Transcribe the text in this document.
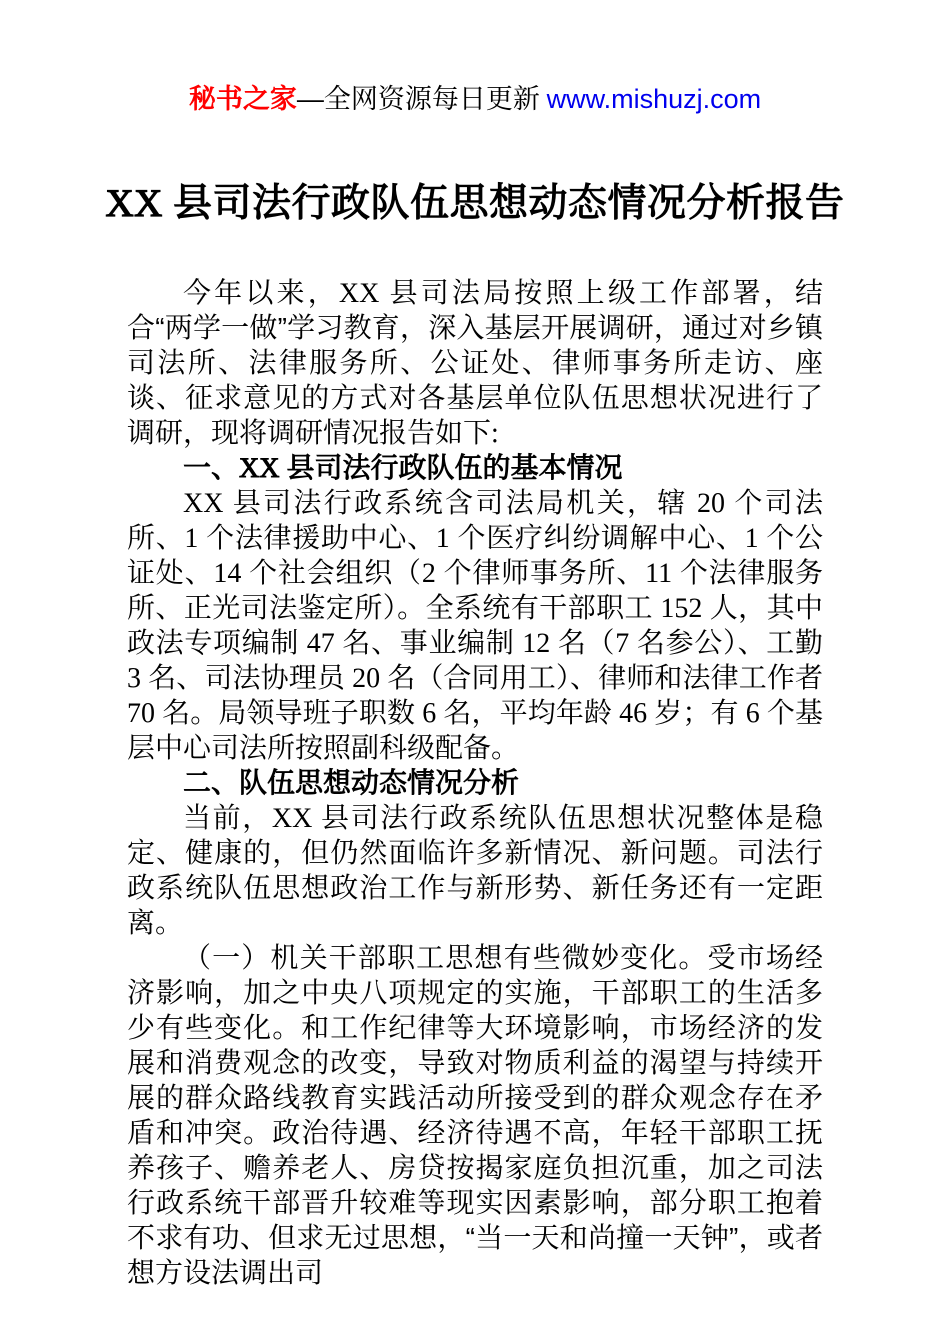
秘书之家—全网资源每日更新 www.mishuzj.com
XX 县司法行政队伍思想动态情况分析报告

今年以来，XX 县司法局按照上级工作部署，结合“两学一做”学习教育，深入基层开展调研，通过对乡镇司法所、法律服务所、公证处、律师事务所走访、座谈、征求意见的方式对各基层单位队伍思想状况进行了调研，现将调研情况报告如下:

一、XX 县司法行政队伍的基本情况

XX 县司法行政系统含司法局机关，辖 20 个司法所、1 个法律援助中心、1 个医疗纠纷调解中心、1 个公证处、14 个社会组织（2 个律师事务所、11 个法律服务所、正光司法鉴定所）。全系统有干部职工 152 人，其中政法专项编制 47 名、事业编制 12 名（7 名参公）、工勤 3 名、司法协理员 20 名（合同用工）、律师和法律工作者 70 名。局领导班子职数 6 名，平均年龄 46 岁；有 6 个基层中心司法所按照副科级配备。

二、队伍思想动态情况分析

当前，XX 县司法行政系统队伍思想状况整体是稳定、健康的，但仍然面临许多新情况、新问题。司法行政系统队伍思想政治工作与新形势、新任务还有一定距离。

（一）机关干部职工思想有些微妙变化。受市场经济影响，加之中央八项规定的实施，干部职工的生活多少有些变化。和工作纪律等大环境影响，市场经济的发展和消费观念的改变，导致对物质利益的渴望与持续开展的群众路线教育实践活动所接受到的群众观念存在矛盾和冲突。政治待遇、经济待遇不高，年轻干部职工抚养孩子、赡养老人、房贷按揭家庭负担沉重，加之司法行政系统干部晋升较难等现实因素影响，部分职工抱着不求有功、但求无过思想，“当一天和尚撞一天钟”，或者想方设法调出司
